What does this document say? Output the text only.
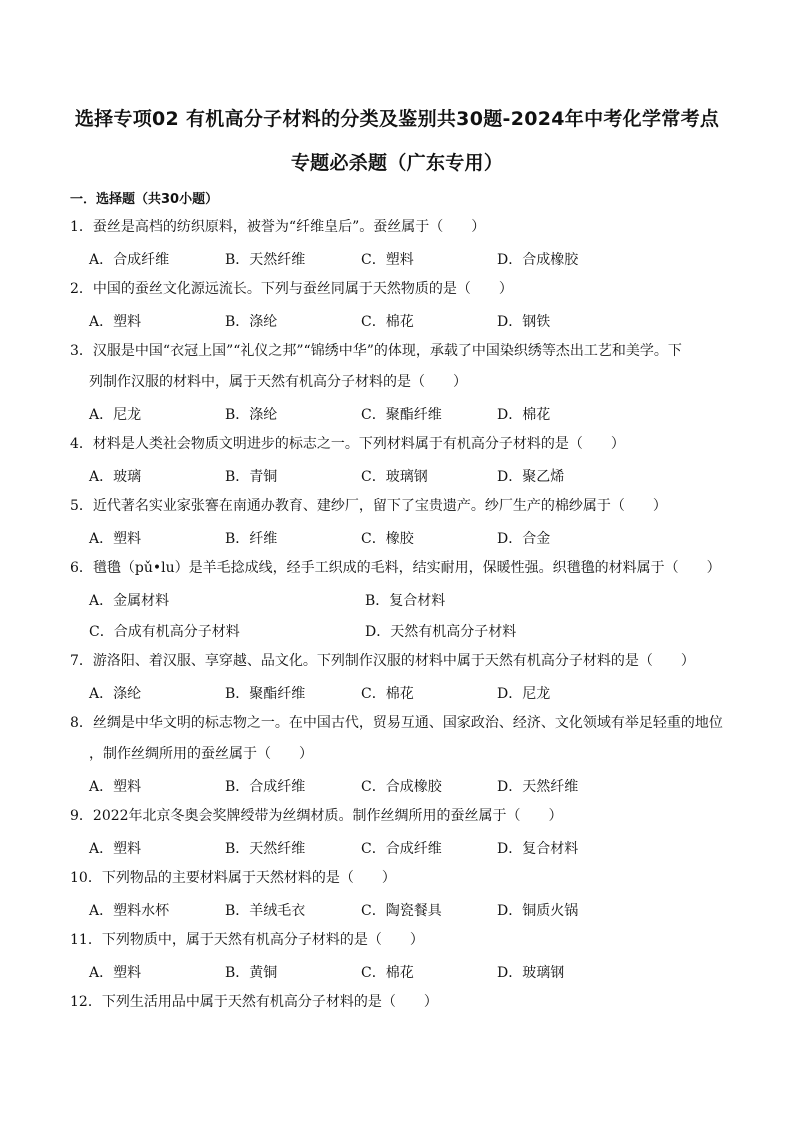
选择专项02 有机高分子材料的分类及鉴别共30题-2024年中考化学常考点
专题必杀题（广东专用）
一．选择题（共30小题）
1．蚕丝是高档的纺织原料，被誉为“纤维皇后”。蚕丝属于（　　）
A．合成纤维	B．天然纤维	C．塑料	D．合成橡胶
2．中国的蚕丝文化源远流长。下列与蚕丝同属于天然物质的是（　　）
A．塑料	B．涤纶	C．棉花	D．钢铁
3．汉服是中国“衣冠上国”“礼仪之邦”“锦绣中华”的体现，承载了中国染织绣等杰出工艺和美学。下
列制作汉服的材料中，属于天然有机高分子材料的是（　　）
A．尼龙	B．涤纶	C．聚酯纤维	D．棉花
4．材料是人类社会物质文明进步的标志之一。下列材料属于有机高分子材料的是（　　）
A．玻璃	B．青铜	C．玻璃钢	D．聚乙烯
5．近代著名实业家张謇在南通办教育、建纱厂，留下了宝贵遗产。纱厂生产的棉纱属于（　　）
A．塑料	B．纤维	C．橡胶	D．合金
6．氆氇（pǔ•lu）是羊毛捻成线，经手工织成的毛料，结实耐用，保暖性强。织氆氇的材料属于（　　）
A．金属材料	B．复合材料
C．合成有机高分子材料	D．天然有机高分子材料
7．游洛阳、着汉服、享穿越、品文化。下列制作汉服的材料中属于天然有机高分子材料的是（　　）
A．涤纶	B．聚酯纤维	C．棉花	D．尼龙
8．丝绸是中华文明的标志物之一。在中国古代，贸易互通、国家政治、经济、文化领域有举足轻重的地位
，制作丝绸所用的蚕丝属于（　　）
A．塑料	B．合成纤维	C．合成橡胶	D．天然纤维
9．2022年北京冬奥会奖牌绶带为丝绸材质。制作丝绸所用的蚕丝属于（　　）
A．塑料	B．天然纤维	C．合成纤维	D．复合材料
10．下列物品的主要材料属于天然材料的是（　　）
A．塑料水杯	B．羊绒毛衣	C．陶瓷餐具	D．铜质火锅
11．下列物质中，属于天然有机高分子材料的是（　　）
A．塑料	B．黄铜	C．棉花	D．玻璃钢
12．下列生活用品中属于天然有机高分子材料的是（　　）
